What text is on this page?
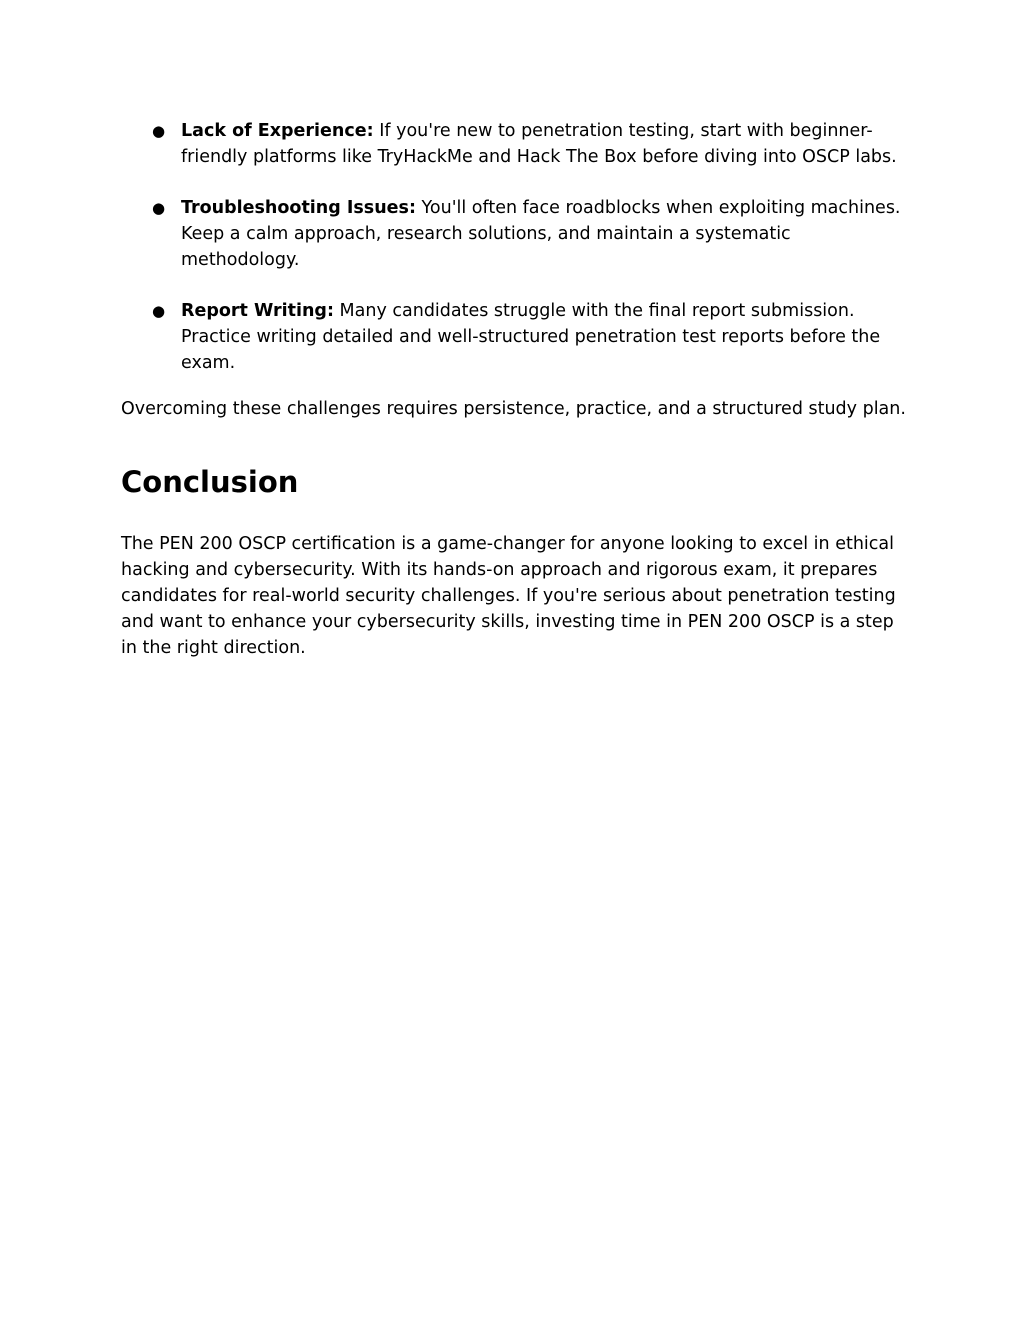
● Lack of Experience: If you're new to penetration testing, start with beginner-friendly platforms like TryHackMe and Hack The Box before diving into OSCP labs.
● Troubleshooting Issues: You'll often face roadblocks when exploiting machines. Keep a calm approach, research solutions, and maintain a systematic methodology.
● Report Writing: Many candidates struggle with the final report submission. Practice writing detailed and well-structured penetration test reports before the exam.

Overcoming these challenges requires persistence, practice, and a structured study plan.

Conclusion

The PEN 200 OSCP certification is a game-changer for anyone looking to excel in ethical hacking and cybersecurity. With its hands-on approach and rigorous exam, it prepares candidates for real-world security challenges. If you're serious about penetration testing and want to enhance your cybersecurity skills, investing time in PEN 200 OSCP is a step in the right direction.
